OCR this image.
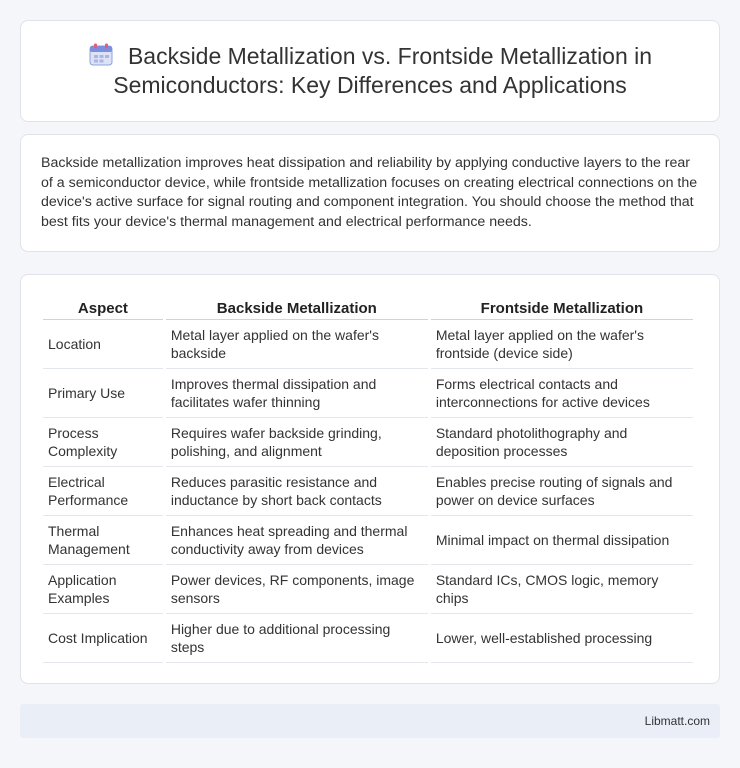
Backside Metallization vs. Frontside Metallization in Semiconductors: Key Differences and Applications

Backside metallization improves heat dissipation and reliability by applying conductive layers to the rear of a semiconductor device, while frontside metallization focuses on creating electrical connections on the device's active surface for signal routing and component integration. You should choose the method that best fits your device's thermal management and electrical performance needs.

Aspect	Backside Metallization	Frontside Metallization
Location	Metal layer applied on the wafer's backside	Metal layer applied on the wafer's frontside (device side)
Primary Use	Improves thermal dissipation and facilitates wafer thinning	Forms electrical contacts and interconnections for active devices
Process Complexity	Requires wafer backside grinding, polishing, and alignment	Standard photolithography and deposition processes
Electrical Performance	Reduces parasitic resistance and inductance by short back contacts	Enables precise routing of signals and power on device surfaces
Thermal Management	Enhances heat spreading and thermal conductivity away from devices	Minimal impact on thermal dissipation
Application Examples	Power devices, RF components, image sensors	Standard ICs, CMOS logic, memory chips
Cost Implication	Higher due to additional processing steps	Lower, well-established processing
Libmatt.com
